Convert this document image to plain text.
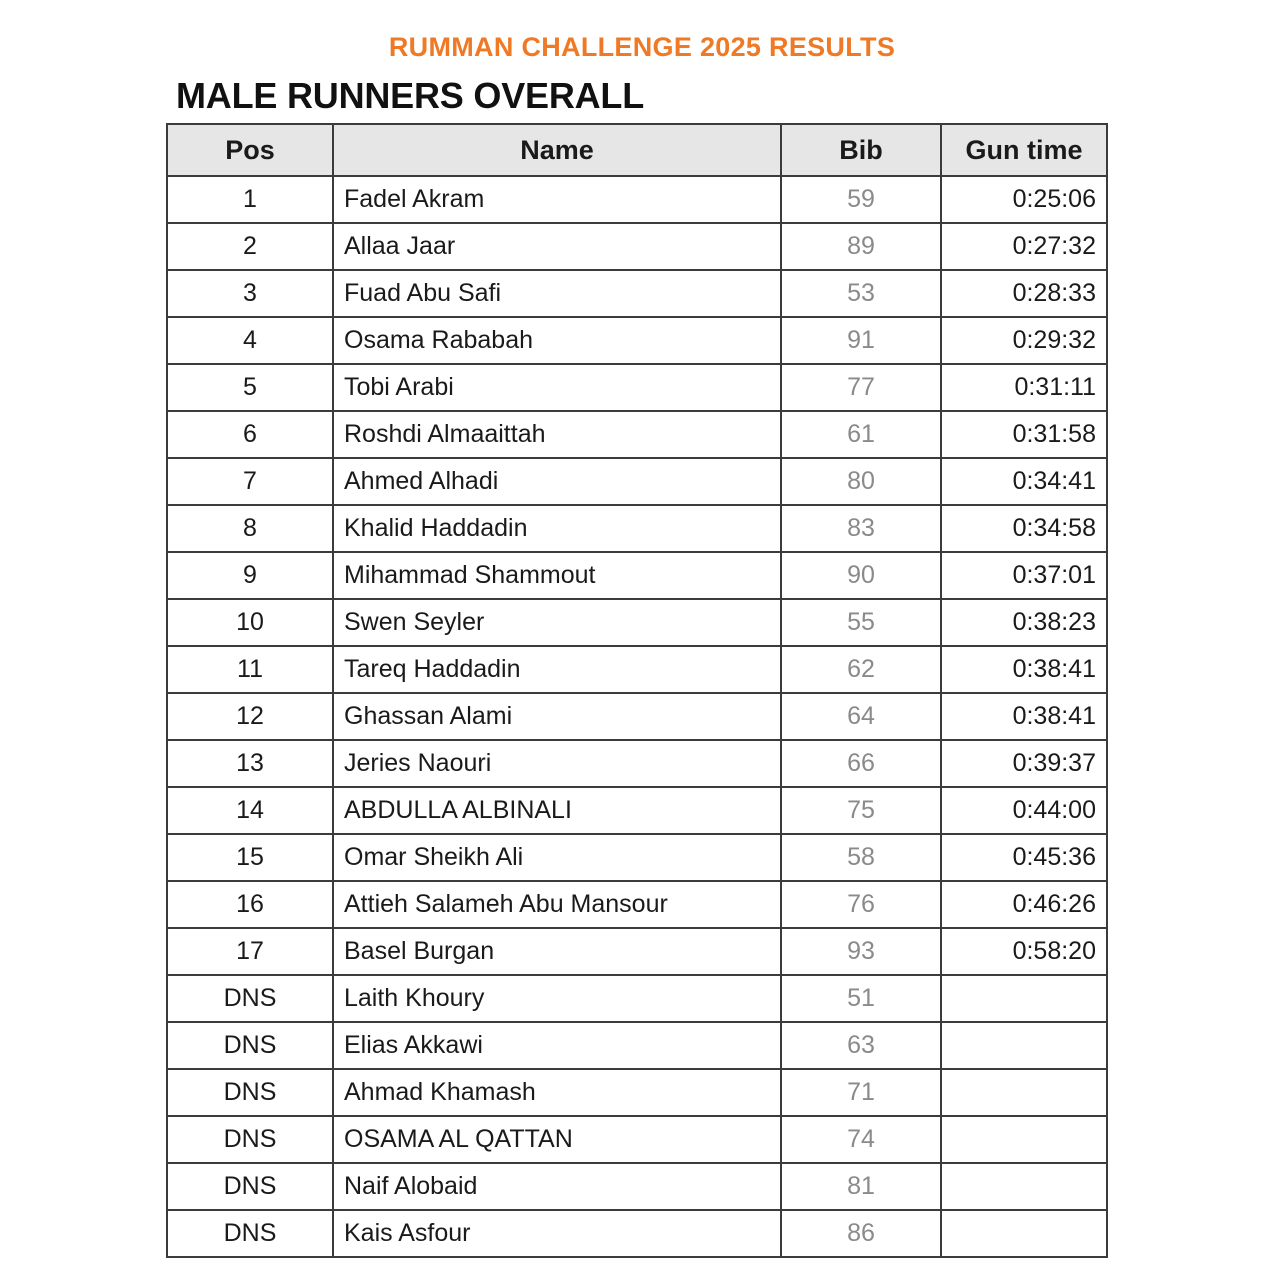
RUMMAN CHALLENGE 2025 RESULTS
MALE RUNNERS OVERALL
Pos	Name	Bib	Gun time
1	Fadel Akram	59	0:25:06
2	Allaa Jaar	89	0:27:32
3	Fuad Abu Safi	53	0:28:33
4	Osama Rababah	91	0:29:32
5	Tobi Arabi	77	0:31:11
6	Roshdi Almaaittah	61	0:31:58
7	Ahmed Alhadi	80	0:34:41
8	Khalid Haddadin	83	0:34:58
9	Mihammad Shammout	90	0:37:01
10	Swen Seyler	55	0:38:23
11	Tareq Haddadin	62	0:38:41
12	Ghassan Alami	64	0:38:41
13	Jeries Naouri	66	0:39:37
14	ABDULLA ALBINALI	75	0:44:00
15	Omar Sheikh Ali	58	0:45:36
16	Attieh Salameh Abu Mansour	76	0:46:26
17	Basel Burgan	93	0:58:20
DNS	Laith Khoury	51	
DNS	Elias Akkawi	63	
DNS	Ahmad Khamash	71	
DNS	OSAMA AL QATTAN	74	
DNS	Naif Alobaid	81	
DNS	Kais Asfour	86	
